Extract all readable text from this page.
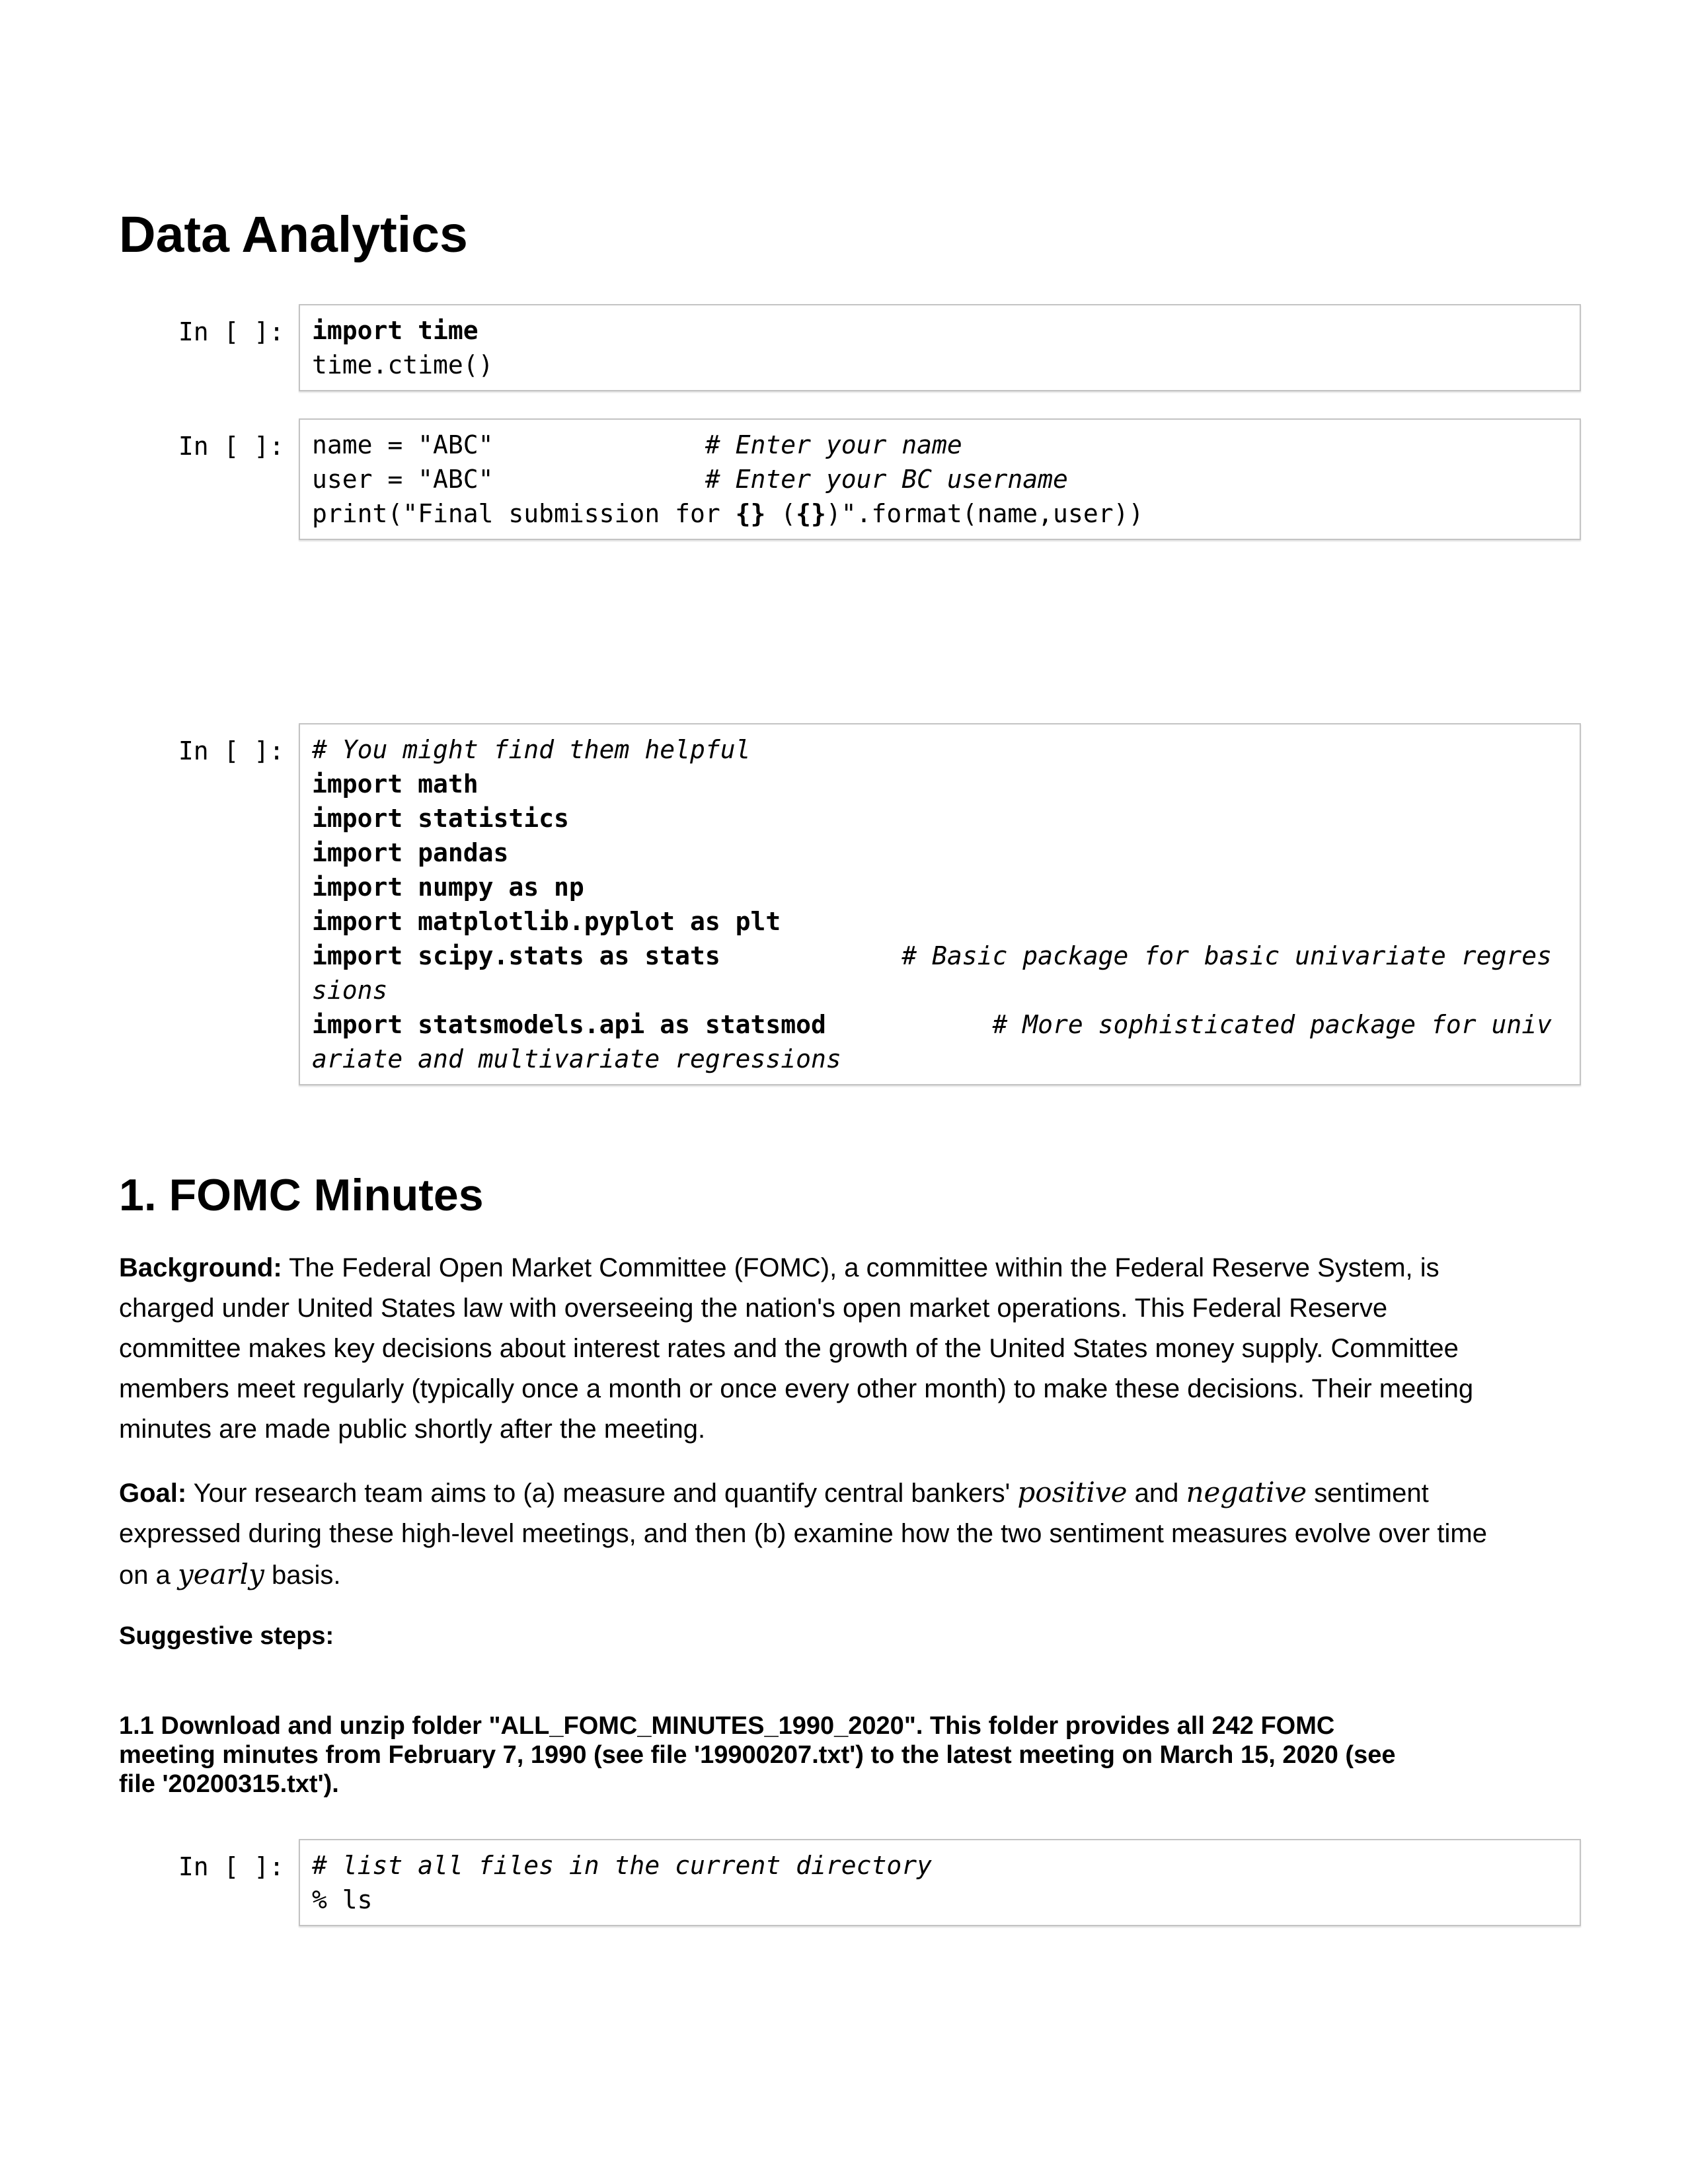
Data Analytics
In [ ]: import time
time.ctime()
In [ ]: name = "ABC"	# Enter your name
user = "ABC"	# Enter your BC username
print("Final submission for {} ({})".format(name,user))
In [ ]: # You might find them helpful
import math
import statistics
import pandas
import numpy as np
import matplotlib.pyplot as plt
import scipy.stats as stats	# Basic package for basic univariate regres
sions
import statsmodels.api as statsmod	# More sophisticated package for univ
ariate and multivariate regressions
1. FOMC Minutes
Background: The Federal Open Market Committee (FOMC), a committee within the Federal Reserve System, is
charged under United States law with overseeing the nation's open market operations. This Federal Reserve
committee makes key decisions about interest rates and the growth of the United States money supply. Committee
members meet regularly (typically once a month or once every other month) to make these decisions. Their meeting
minutes are made public shortly after the meeting.
Goal: Your research team aims to (a) measure and quantify central bankers' positive and negative sentiment
expressed during these high-level meetings, and then (b) examine how the two sentiment measures evolve over time
on a yearly basis.
Suggestive steps:
1.1 Download and unzip folder "ALL_FOMC_MINUTES_1990_2020". This folder provides all 242 FOMC
meeting minutes from February 7, 1990 (see file '19900207.txt') to the latest meeting on March 15, 2020 (see
file '20200315.txt').
In [ ]: # list all files in the current directory
% ls
